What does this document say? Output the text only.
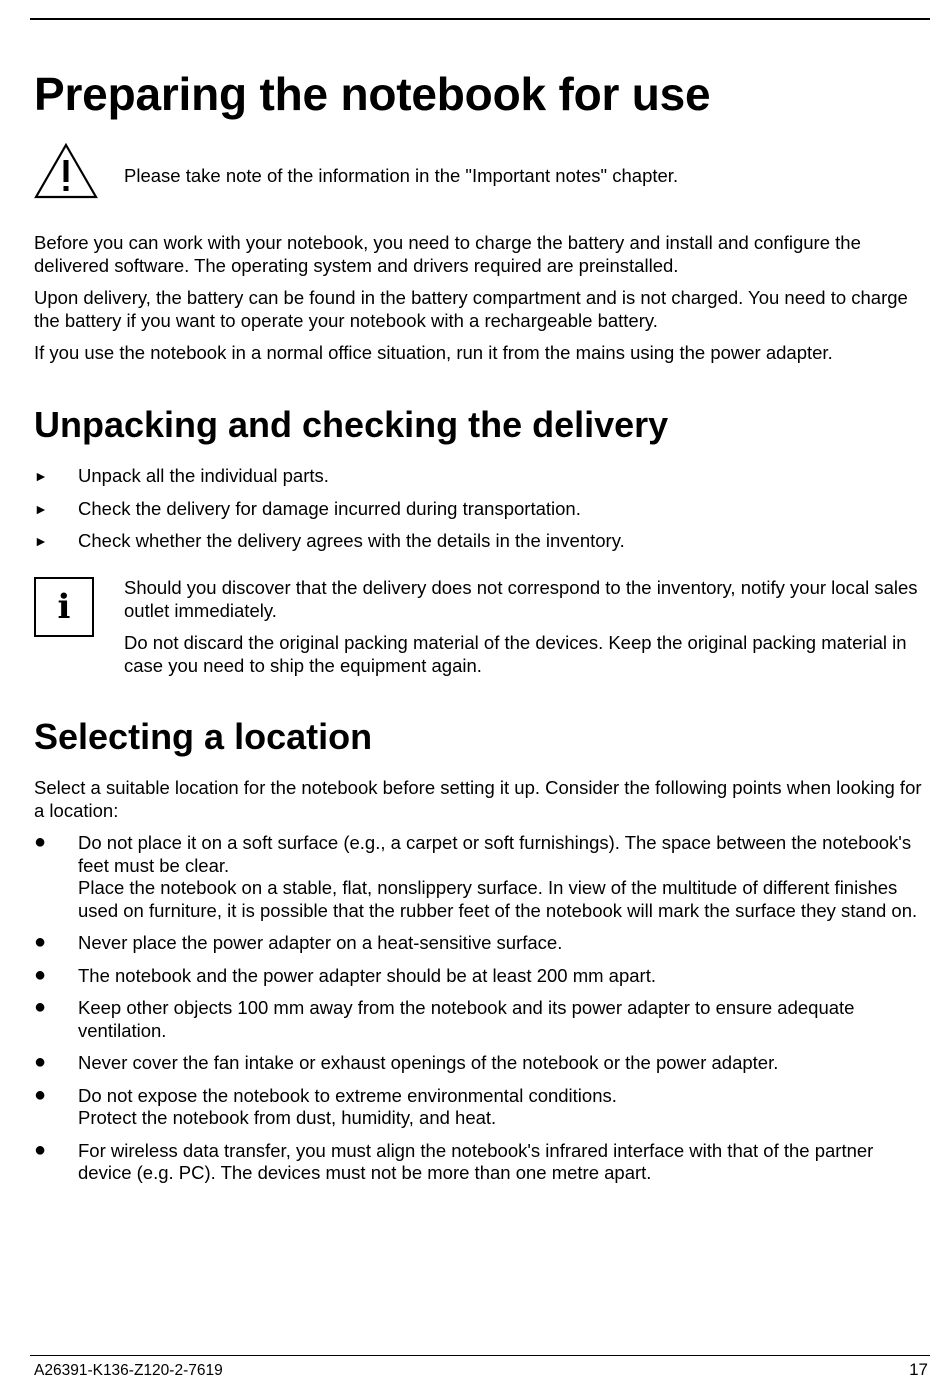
Preparing the notebook for use

Please take note of the information in the "Important notes" chapter.

Before you can work with your notebook, you need to charge the battery and install and configure the delivered software. The operating system and drivers required are preinstalled.

Upon delivery, the battery can be found in the battery compartment and is not charged. You need to charge the battery if you want to operate your notebook with a rechargeable battery.

If you use the notebook in a normal office situation, run it from the mains using the power adapter.

Unpacking and checking the delivery
►	Unpack all the individual parts.
►	Check the delivery for damage incurred during transportation.
►	Check whether the delivery agrees with the details in the inventory.
i	Should you discover that the delivery does not correspond to the inventory, notify your local sales outlet immediately.

Do not discard the original packing material of the devices. Keep the original packing material in case you need to ship the equipment again.

Selecting a location

Select a suitable location for the notebook before setting it up. Consider the following points when looking for a location:

●	Do not place it on a soft surface (e.g., a carpet or soft furnishings). The space between the notebook's feet must be clear.
Place the notebook on a stable, flat, nonslippery surface. In view of the multitude of different finishes used on furniture, it is possible that the rubber feet of the notebook will mark the surface they stand on.
●	Never place the power adapter on a heat-sensitive surface.
●	The notebook and the power adapter should be at least 200 mm apart.
●	Keep other objects 100 mm away from the notebook and its power adapter to ensure adequate ventilation.
●	Never cover the fan intake or exhaust openings of the notebook or the power adapter.
●	Do not expose the notebook to extreme environmental conditions.
Protect the notebook from dust, humidity, and heat.
●	For wireless data transfer, you must align the notebook's infrared interface with that of the partner device (e.g. PC). The devices must not be more than one metre apart.
A26391-K136-Z120-2-7619	17
